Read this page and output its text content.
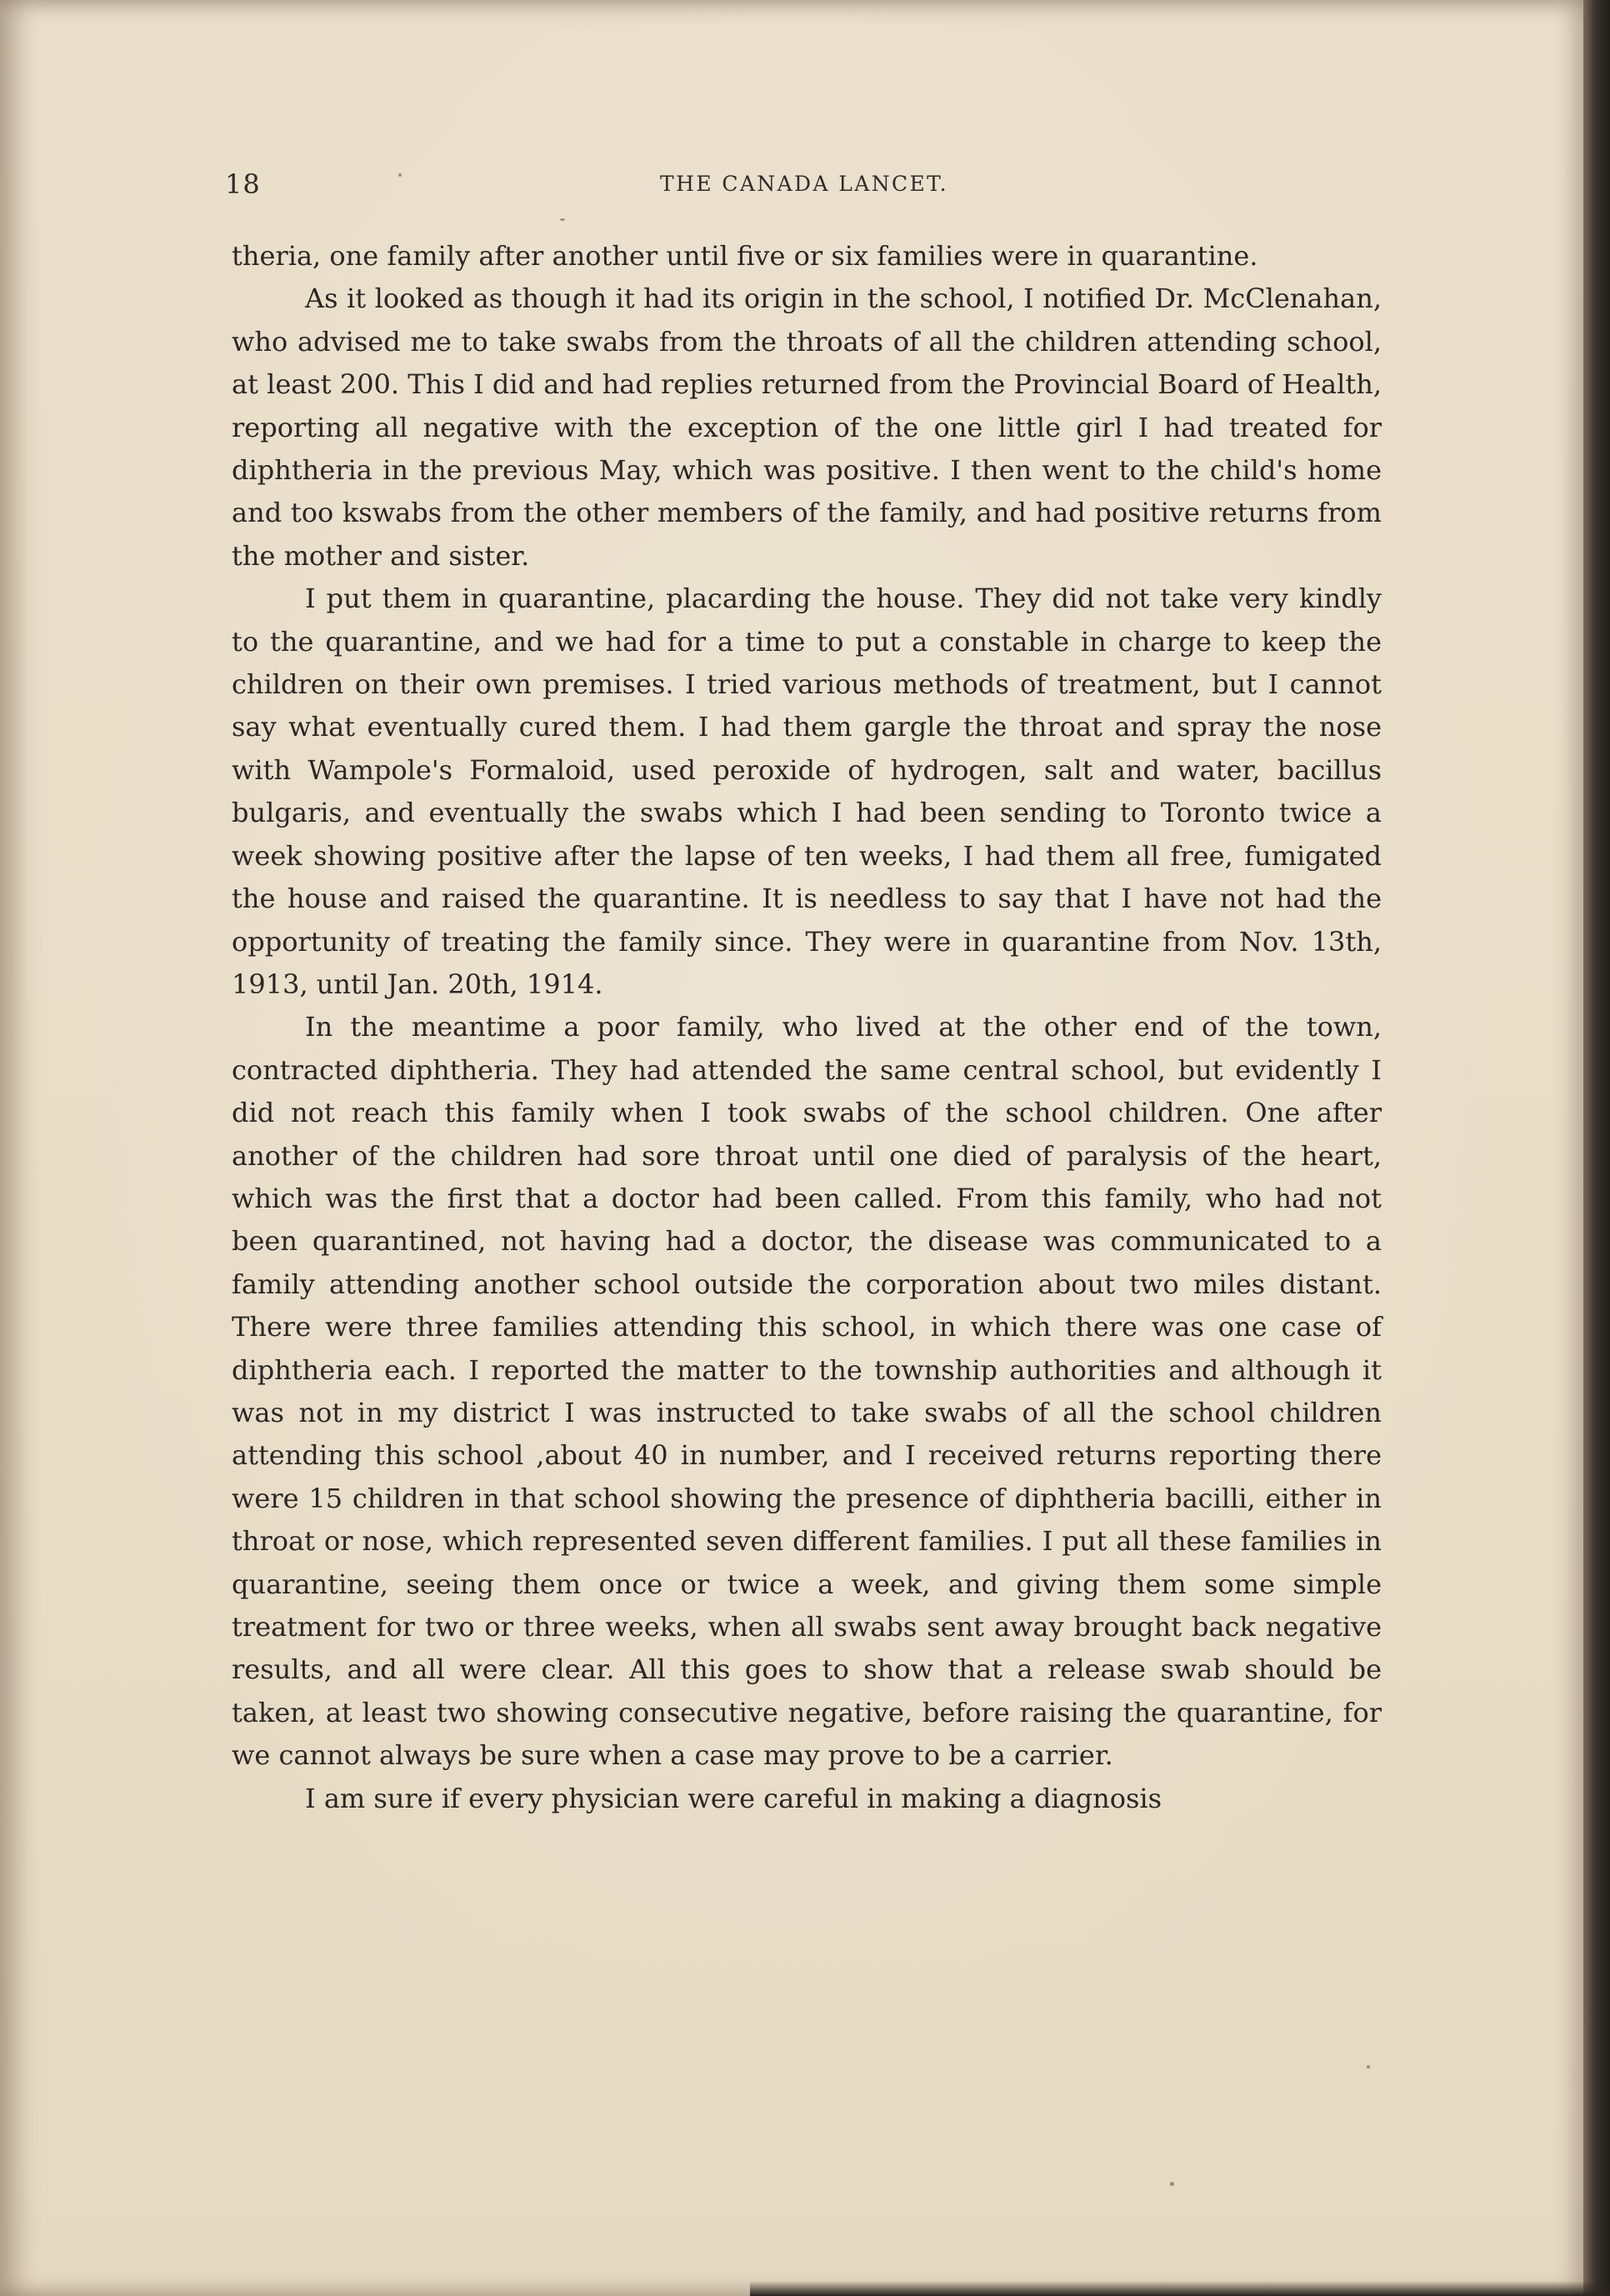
18	THE CANADA LANCET.

theria, one family after another until five or six families were in quarantine.

As it looked as though it had its origin in the school, I notified Dr. McClenahan, who advised me to take swabs from the throats of all the children attending school, at least 200. This I did and had replies returned from the Provincial Board of Health, reporting all negative with the exception of the one little girl I had treated for diphtheria in the previous May, which was positive. I then went to the child's home and too kswabs from the other members of the family, and had positive returns from the mother and sister.

I put them in quarantine, placarding the house. They did not take very kindly to the quarantine, and we had for a time to put a constable in charge to keep the children on their own premises. I tried various methods of treatment, but I cannot say what eventually cured them. I had them gargle the throat and spray the nose with Wampole's Formaloid, used peroxide of hydrogen, salt and water, bacillus bulgaris, and eventually the swabs which I had been sending to Toronto twice a week showing positive after the lapse of ten weeks, I had them all free, fumigated the house and raised the quarantine. It is needless to say that I have not had the opportunity of treating the family since. They were in quarantine from Nov. 13th, 1913, until Jan. 20th, 1914.

In the meantime a poor family, who lived at the other end of the town, contracted diphtheria. They had attended the same central school, but evidently I did not reach this family when I took swabs of the school children. One after another of the children had sore throat until one died of paralysis of the heart, which was the first that a doctor had been called. From this family, who had not been quarantined, not having had a doctor, the disease was communicated to a family attending another school outside the corporation about two miles distant. There were three families attending this school, in which there was one case of diphtheria each. I reported the matter to the township authorities and although it was not in my district I was instructed to take swabs of all the school children attending this school ,about 40 in number, and I received returns reporting there were 15 children in that school showing the presence of diphtheria bacilli, either in throat or nose, which represented seven different families. I put all these families in quarantine, seeing them once or twice a week, and giving them some simple treatment for two or three weeks, when all swabs sent away brought back negative results, and all were clear. All this goes to show that a release swab should be taken, at least two showing consecutive negative, before raising the quarantine, for we cannot always be sure when a case may prove to be a carrier.

I am sure if every physician were careful in making a diagnosis
